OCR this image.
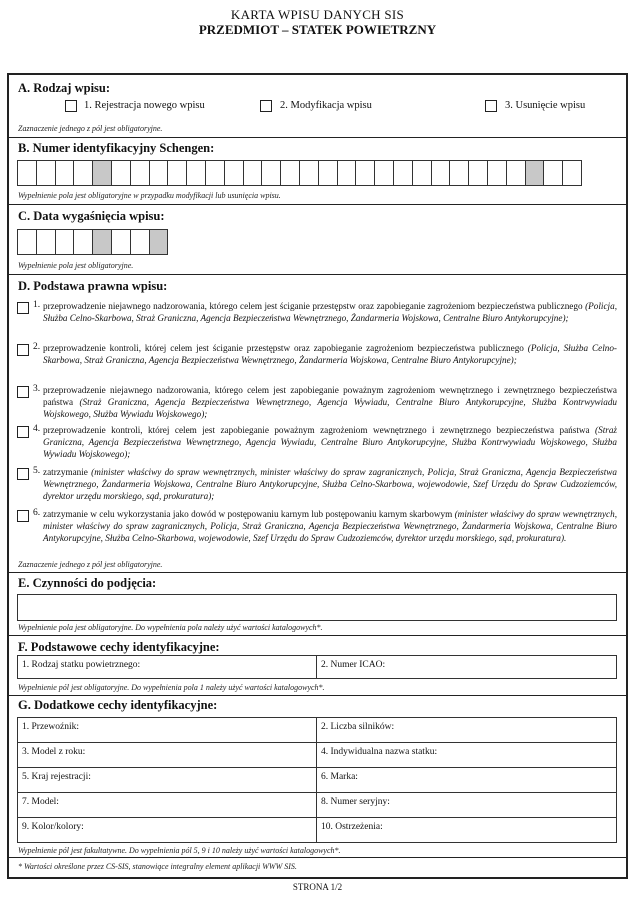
KARTA WPISU DANYCH SIS
PRZEDMIOT – STATEK POWIETRZNY
A. Rodzaj wpisu:
1. Rejestracja nowego wpisu	2. Modyfikacja wpisu	3. Usunięcie wpisu
Zaznaczenie jednego z pól jest obligatoryjne.
B. Numer identyfikacyjny Schengen:
Wypełnienie pola jest obligatoryjne w przypadku modyfikacji lub usunięcia wpisu.
C. Data wygaśnięcia wpisu:
Wypełnienie pola jest obligatoryjne.
D. Podstawa prawna wpisu:
1. przeprowadzenie niejawnego nadzorowania, którego celem jest ściganie przestępstw oraz zapobieganie zagrożeniom bezpieczeństwa publicznego (Policja, Służba Celno-Skarbowa, Straż Graniczna, Agencja Bezpieczeństwa Wewnętrznego, Żandarmeria Wojskowa, Centralne Biuro Antykorupcyjne);
2. przeprowadzenie kontroli, której celem jest ściganie przestępstw oraz zapobieganie zagrożeniom bezpieczeństwa publicznego (Policja, Służba Celno-Skarbowa, Straż Graniczna, Agencja Bezpieczeństwa Wewnętrznego, Żandarmeria Wojskowa, Centralne Biuro Antykorupcyjne);
3. przeprowadzenie niejawnego nadzorowania, którego celem jest zapobieganie poważnym zagrożeniom wewnętrznego i zewnętrznego bezpieczeństwa państwa (Straż Graniczna, Agencja Bezpieczeństwa Wewnętrznego, Agencja Wywiadu, Centralne Biuro Antykorupcyjne, Służba Kontrwywiadu Wojskowego, Służba Wywiadu Wojskowego);
4. przeprowadzenie kontroli, której celem jest zapobieganie poważnym zagrożeniom wewnętrznego i zewnętrznego bezpieczeństwa państwa (Straż Graniczna, Agencja Bezpieczeństwa Wewnętrznego, Agencja Wywiadu, Centralne Biuro Antykorupcyjne, Służba Kontrwywiadu Wojskowego, Służba Wywiadu Wojskowego);
5. zatrzymanie (minister właściwy do spraw wewnętrznych, minister właściwy do spraw zagranicznych, Policja, Straż Graniczna, Agencja Bezpieczeństwa Wewnętrznego, Żandarmeria Wojskowa, Centralne Biuro Antykorupcyjne, Służba Celno-Skarbowa, wojewodowie, Szef Urzędu do Spraw Cudzoziemców, dyrektor urzędu morskiego, sąd, prokuratura);
6. zatrzymanie w celu wykorzystania jako dowód w postępowaniu karnym lub postępowaniu karnym skarbowym (minister właściwy do spraw wewnętrznych, minister właściwy do spraw zagranicznych, Policja, Straż Graniczna, Agencja Bezpieczeństwa Wewnętrznego, Żandarmeria Wojskowa, Centralne Biuro Antykorupcyjne, Służba Celno-Skarbowa, wojewodowie, Szef Urzędu do Spraw Cudzoziemców, dyrektor urzędu morskiego, sąd, prokuratura).
Zaznaczenie jednego z pól jest obligatoryjne.
E. Czynności do podjęcia:
Wypełnienie pola jest obligatoryjne. Do wypełnienia pola należy użyć wartości katalogowych*.
F. Podstawowe cechy identyfikacyjne:
1. Rodzaj statku powietrznego:	2. Numer ICAO:
Wypełnienie pól jest obligatoryjne. Do wypełnienia pola 1 należy użyć wartości katalogowych*.
G. Dodatkowe cechy identyfikacyjne:
1. Przewoźnik:	2. Liczba silników:
3. Model z roku:	4. Indywidualna nazwa statku:
5. Kraj rejestracji:	6. Marka:
7. Model:	8. Numer seryjny:
9. Kolor/kolory:	10. Ostrzeżenia:
Wypełnienie pól jest fakultatywne. Do wypełnienia pól 5, 9 i 10 należy użyć wartości katalogowych*.
* Wartości określone przez CS-SIS, stanowiące integralny element aplikacji WWW SIS.
STRONA 1/2
